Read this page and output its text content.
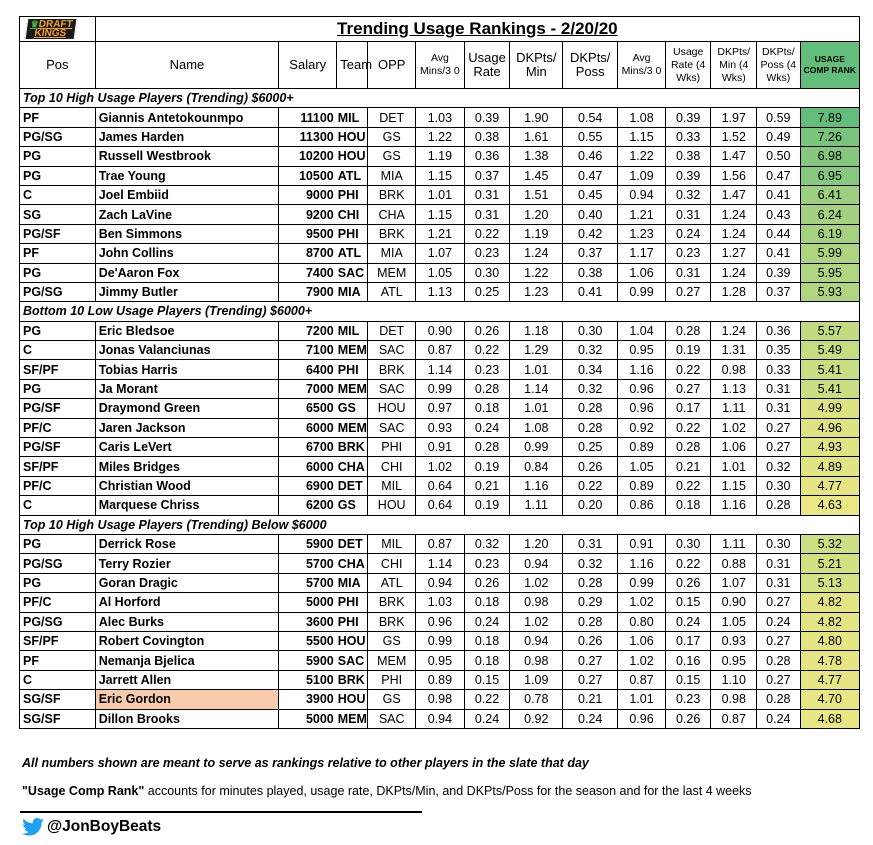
♛DRAFT
KINGS	Trending Usage Rankings - 2/20/20												
Pos	Name	Salary	Team	OPP	Avg Mins/3 0	Usage Rate	DKPts/ Min	DKPts/ Poss	Avg Mins/3 0	Usage Rate (4 Wks)	DKPts/ Min (4 Wks)	DKPts/ Poss (4 Wks)	USAGE COMP RANK
Top 10 High Usage Players (Trending) $6000+													
PF	Giannis Antetokounmpo	11100	MIL	DET	1.03	0.39	1.90	0.54	1.08	0.39	1.97	0.59	7.89
PG/SG	James Harden	11300	HOU	GS	1.22	0.38	1.61	0.55	1.15	0.33	1.52	0.49	7.26
PG	Russell Westbrook	10200	HOU	GS	1.19	0.36	1.38	0.46	1.22	0.38	1.47	0.50	6.98
PG	Trae Young	10500	ATL	MIA	1.15	0.37	1.45	0.47	1.09	0.39	1.56	0.47	6.95
C	Joel Embiid	9000	PHI	BRK	1.01	0.31	1.51	0.45	0.94	0.32	1.47	0.41	6.41
SG	Zach LaVine	9200	CHI	CHA	1.15	0.31	1.20	0.40	1.21	0.31	1.24	0.43	6.24
PG/SF	Ben Simmons	9500	PHI	BRK	1.21	0.22	1.19	0.42	1.23	0.24	1.24	0.44	6.19
PF	John Collins	8700	ATL	MIA	1.07	0.23	1.24	0.37	1.17	0.23	1.27	0.41	5.99
PG	De'Aaron Fox	7400	SAC	MEM	1.05	0.30	1.22	0.38	1.06	0.31	1.24	0.39	5.95
PG/SG	Jimmy Butler	7900	MIA	ATL	1.13	0.25	1.23	0.41	0.99	0.27	1.28	0.37	5.93
Bottom 10 Low Usage Players (Trending) $6000+													
PG	Eric Bledsoe	7200	MIL	DET	0.90	0.26	1.18	0.30	1.04	0.28	1.24	0.36	5.57
C	Jonas Valanciunas	7100	MEM	SAC	0.87	0.22	1.29	0.32	0.95	0.19	1.31	0.35	5.49
SF/PF	Tobias Harris	6400	PHI	BRK	1.14	0.23	1.01	0.34	1.16	0.22	0.98	0.33	5.41
PG	Ja Morant	7000	MEM	SAC	0.99	0.28	1.14	0.32	0.96	0.27	1.13	0.31	5.41
PG/SF	Draymond Green	6500	GS	HOU	0.97	0.18	1.01	0.28	0.96	0.17	1.11	0.31	4.99
PF/C	Jaren Jackson	6000	MEM	SAC	0.93	0.24	1.08	0.28	0.92	0.22	1.02	0.27	4.96
PG/SF	Caris LeVert	6700	BRK	PHI	0.91	0.28	0.99	0.25	0.89	0.28	1.06	0.27	4.93
SF/PF	Miles Bridges	6000	CHA	CHI	1.02	0.19	0.84	0.26	1.05	0.21	1.01	0.32	4.89
PF/C	Christian Wood	6900	DET	MIL	0.64	0.21	1.16	0.22	0.89	0.22	1.15	0.30	4.77
C	Marquese Chriss	6200	GS	HOU	0.64	0.19	1.11	0.20	0.86	0.18	1.16	0.28	4.63
Top 10 High Usage Players (Trending) Below $6000													
PG	Derrick Rose	5900	DET	MIL	0.87	0.32	1.20	0.31	0.91	0.30	1.11	0.30	5.32
PG/SG	Terry Rozier	5700	CHA	CHI	1.14	0.23	0.94	0.32	1.16	0.22	0.88	0.31	5.21
PG	Goran Dragic	5700	MIA	ATL	0.94	0.26	1.02	0.28	0.99	0.26	1.07	0.31	5.13
PF/C	Al Horford	5000	PHI	BRK	1.03	0.18	0.98	0.29	1.02	0.15	0.90	0.27	4.82
PG/SG	Alec Burks	3600	PHI	BRK	0.96	0.24	1.02	0.28	0.80	0.24	1.05	0.24	4.82
SF/PF	Robert Covington	5500	HOU	GS	0.99	0.18	0.94	0.26	1.06	0.17	0.93	0.27	4.80
PF	Nemanja Bjelica	5900	SAC	MEM	0.95	0.18	0.98	0.27	1.02	0.16	0.95	0.28	4.78
C	Jarrett Allen	5100	BRK	PHI	0.89	0.15	1.09	0.27	0.87	0.15	1.10	0.27	4.77
SG/SF	Eric Gordon	3900	HOU	GS	0.98	0.22	0.78	0.21	1.01	0.23	0.98	0.28	4.70
SG/SF	Dillon Brooks	5000	MEM	SAC	0.94	0.24	0.92	0.24	0.96	0.26	0.87	0.24	4.68
All numbers shown are meant to serve as rankings relative to other players in the slate that day
"Usage Comp Rank" accounts for minutes played, usage rate, DKPts/Min, and DKPts/Poss for the season and for the last 4 weeks
@JonBoyBeats
